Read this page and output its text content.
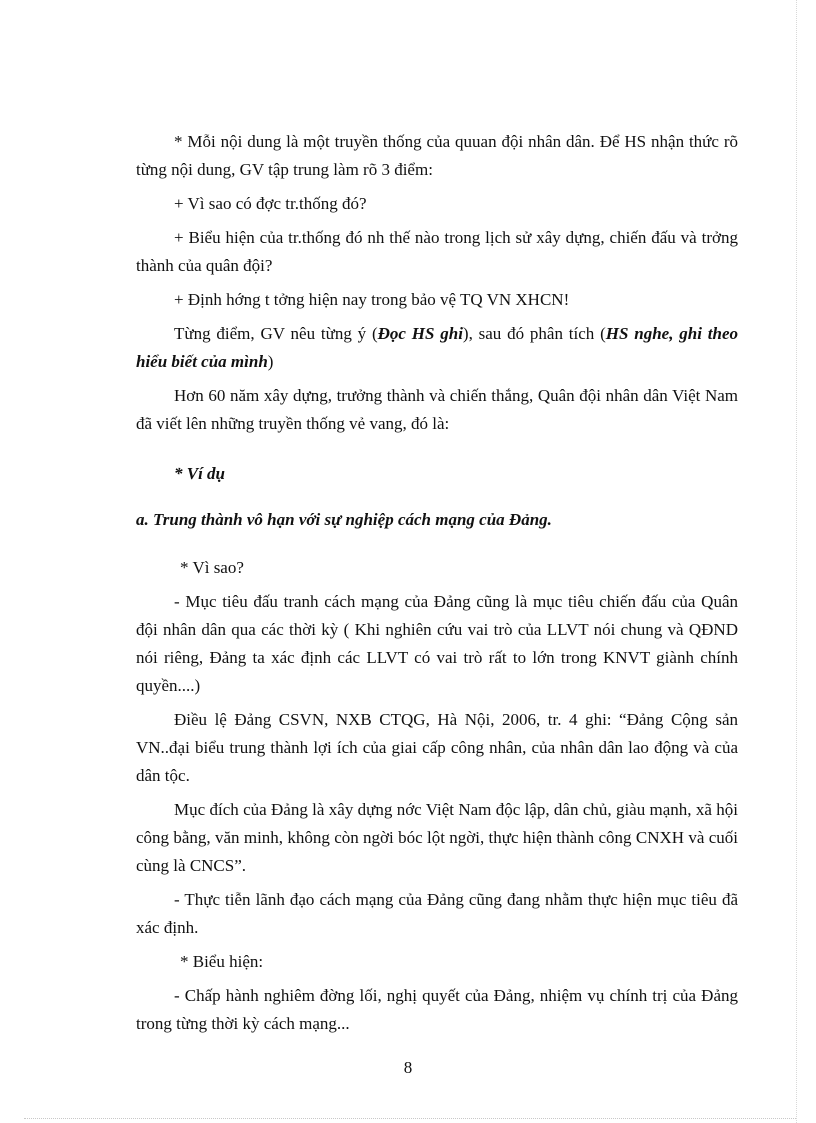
* Mỗi nội dung là một truyền thống của quuan đội nhân dân. Để HS nhận thức rõ từng nội dung, GV tập trung làm rõ 3 điểm:

+ Vì sao có đợc tr.thống đó?

+ Biểu hiện của tr.thống đó nh thế nào trong lịch sử xây dựng, chiến đấu và trởng thành của quân đội?

+ Định hớng t tởng hiện nay trong bảo vệ TQ VN XHCN!

Từng điểm, GV nêu từng ý (Đọc HS ghi), sau đó phân tích (HS nghe, ghi theo hiểu biết của mình)

Hơn 60 năm xây dựng, trưởng thành và chiến thắng, Quân đội nhân dân Việt Nam đã viết lên những truyền thống vẻ vang, đó là:

* Ví dụ
a. Trung thành vô hạn với sự nghiệp cách mạng của Đảng.

* Vì sao?

- Mục tiêu đấu tranh cách mạng của Đảng cũng là mục tiêu chiến đấu của Quân đội nhân dân qua các thời kỳ ( Khi nghiên cứu vai trò của LLVT nói chung và QĐND nói riêng, Đảng ta xác định các LLVT có vai trò rất to lớn trong KNVT giành chính quyền....)

Điều lệ Đảng CSVN, NXB CTQG, Hà Nội, 2006, tr. 4 ghi: “Đảng Cộng sản VN..đại biểu trung thành lợi ích của giai cấp công nhân, của nhân dân lao động và của dân tộc.

Mục đích của Đảng là xây dựng nớc Việt Nam độc lập, dân chủ, giàu mạnh, xã hội công bằng, văn minh, không còn ngời bóc lột ngời, thực hiện thành công CNXH và cuối cùng là CNCS”.

- Thực tiễn lãnh đạo cách mạng của Đảng cũng đang nhằm thực hiện mục tiêu đã xác định.

* Biểu hiện:

- Chấp hành nghiêm đờng lối, nghị quyết của Đảng, nhiệm vụ chính trị của Đảng trong từng thời kỳ cách mạng...

8
